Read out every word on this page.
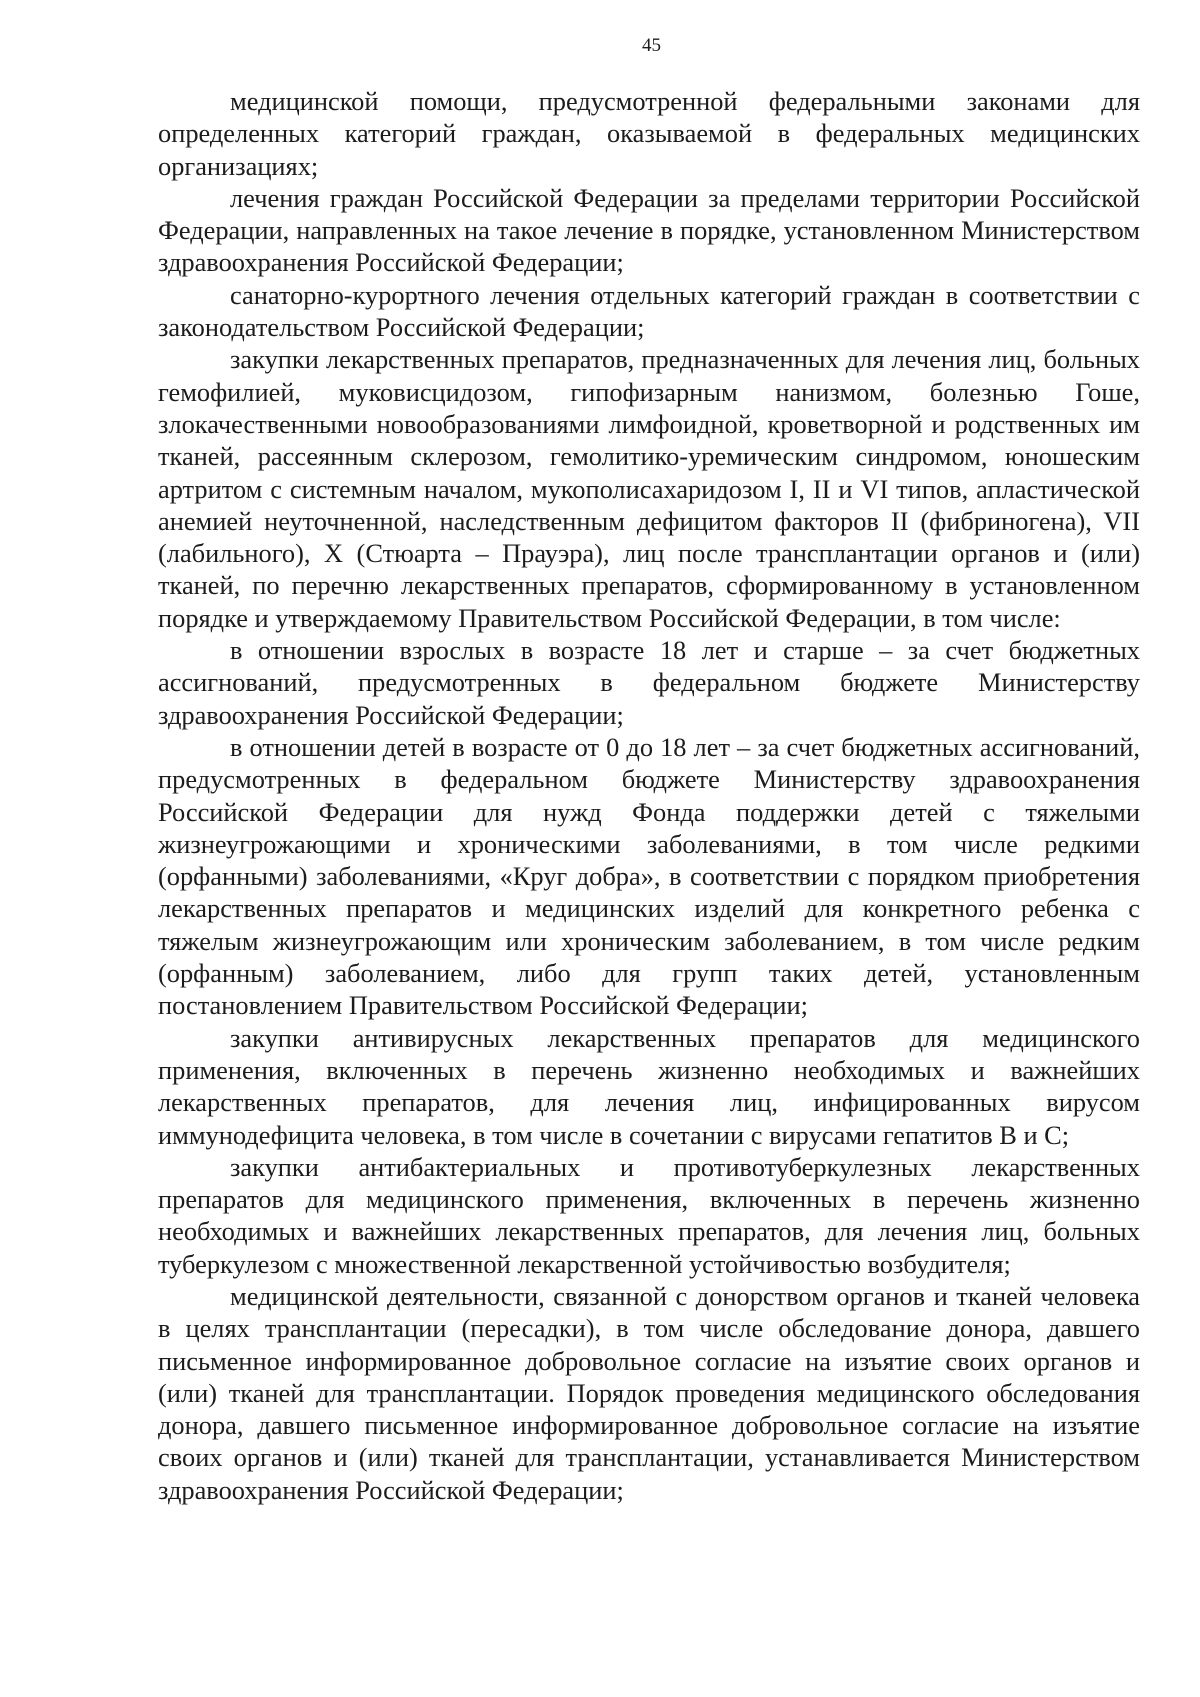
45

медицинской помощи, предусмотренной федеральными законами для определенных категорий граждан, оказываемой в федеральных медицинских организациях;

лечения граждан Российской Федерации за пределами территории Российской Федерации, направленных на такое лечение в порядке, установленном Министерством здравоохранения Российской Федерации;

санаторно-курортного лечения отдельных категорий граждан в соответствии с законодательством Российской Федерации;

закупки лекарственных препаратов, предназначенных для лечения лиц, больных гемофилией, муковисцидозом, гипофизарным нанизмом, болезнью Гоше, злокачественными новообразованиями лимфоидной, кроветворной и родственных им тканей, рассеянным склерозом, гемолитико-уремическим синдромом, юношеским артритом с системным началом, мукополисахаридозом I, II и VI типов, апластической анемией неуточненной, наследственным дефицитом факторов II (фибриногена), VII (лабильного), X (Стюарта – Прауэра), лиц после трансплантации органов и (или) тканей, по перечню лекарственных препаратов, сформированному в установленном порядке и утверждаемому Правительством Российской Федерации, в том числе:

в отношении взрослых в возрасте 18 лет и старше – за счет бюджетных ассигнований, предусмотренных в федеральном бюджете Министерству здравоохранения Российской Федерации;

в отношении детей в возрасте от 0 до 18 лет – за счет бюджетных ассигнований, предусмотренных в федеральном бюджете Министерству здравоохранения Российской Федерации для нужд Фонда поддержки детей с тяжелыми жизнеугрожающими и хроническими заболеваниями, в том числе редкими (орфанными) заболеваниями, «Круг добра», в соответствии с порядком приобретения лекарственных препаратов и медицинских изделий для конкретного ребенка с тяжелым жизнеугрожающим или хроническим заболеванием, в том числе редким (орфанным) заболеванием, либо для групп таких детей, установленным постановлением Правительством Российской Федерации;

закупки антивирусных лекарственных препаратов для медицинского применения, включенных в перечень жизненно необходимых и важнейших лекарственных препаратов, для лечения лиц, инфицированных вирусом иммунодефицита человека, в том числе в сочетании с вирусами гепатитов B и C;

закупки антибактериальных и противотуберкулезных лекарственных препаратов для медицинского применения, включенных в перечень жизненно необходимых и важнейших лекарственных препаратов, для лечения лиц, больных туберкулезом с множественной лекарственной устойчивостью возбудителя;

медицинской деятельности, связанной с донорством органов и тканей человека в целях трансплантации (пересадки), в том числе обследование донора, давшего письменное информированное добровольное согласие на изъятие своих органов и (или) тканей для трансплантации. Порядок проведения медицинского обследования донора, давшего письменное информированное добровольное согласие на изъятие своих органов и (или) тканей для трансплантации, устанавливается Министерством здравоохранения Российской Федерации;
